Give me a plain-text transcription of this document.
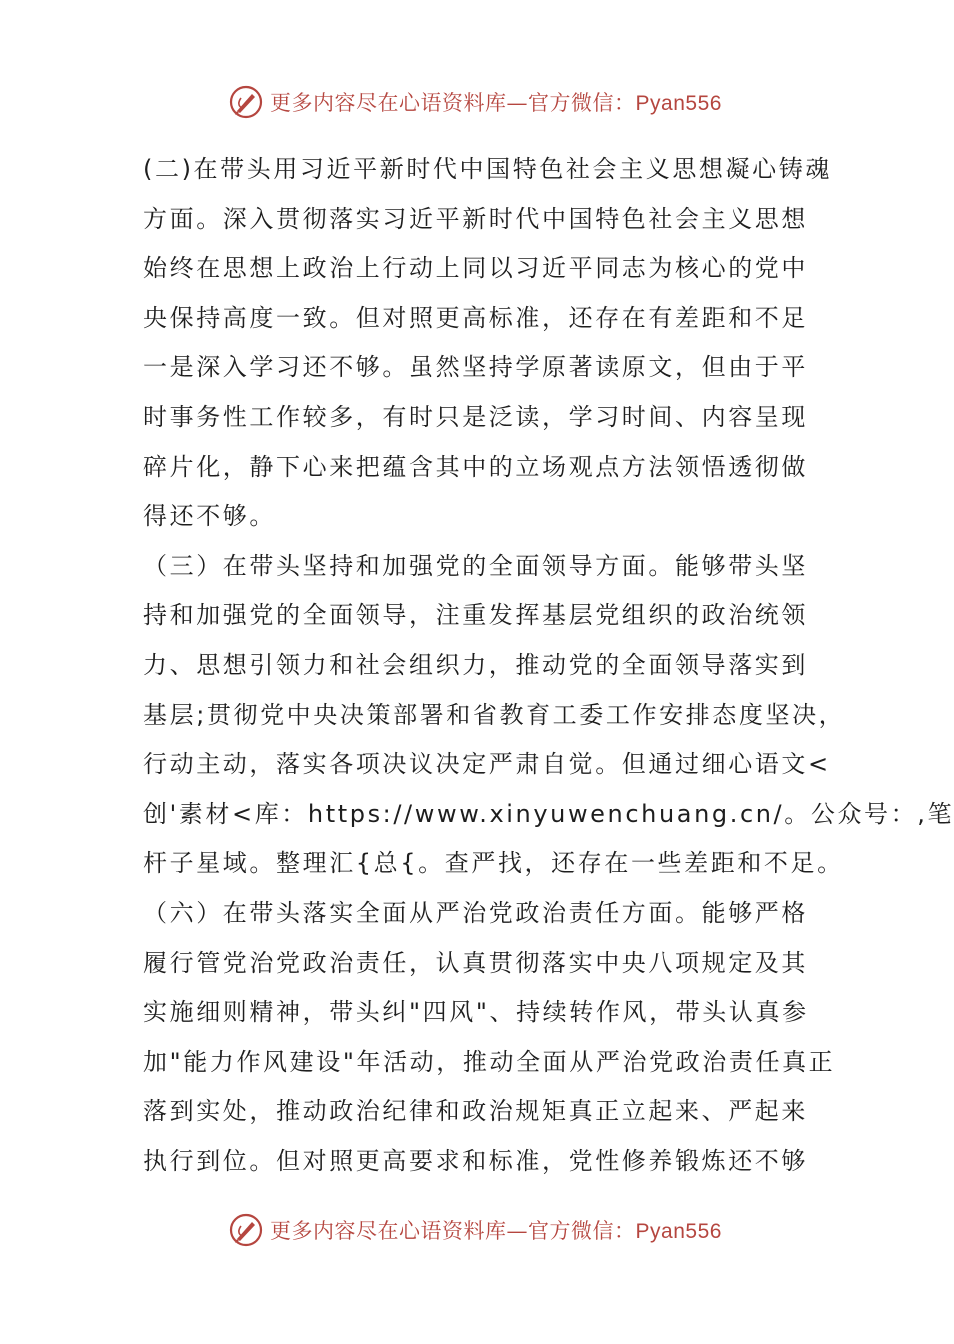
更多内容尽在心语资料库—官方微信：Pyan556
(二)在带头用习近平新时代中国特色社会主义思想凝心铸魂
方面。深入贯彻落实习近平新时代中国特色社会主义思想
始终在思想上政治上行动上同以习近平同志为核心的党中
央保持高度一致。但对照更高标准，还存在有差距和不足
一是深入学习还不够。虽然坚持学原著读原文，但由于平
时事务性工作较多，有时只是泛读，学习时间、内容呈现
碎片化，静下心来把蕴含其中的立场观点方法领悟透彻做
得还不够。
（三）在带头坚持和加强党的全面领导方面。能够带头坚
持和加强党的全面领导，注重发挥基层党组织的政治统领
力、思想引领力和社会组织力，推动党的全面领导落实到
基层;贯彻党中央决策部署和省教育工委工作安排态度坚决，
行动主动，落实各项决议决定严肃自觉。但通过细心语文<
创'素材<库：https://www.xinyuwenchuang.cn/。公众号：,笔
杆子星域。整理汇{总{。查严找，还存在一些差距和不足。
（六）在带头落实全面从严治党政治责任方面。能够严格
履行管党治党政治责任，认真贯彻落实中央八项规定及其
实施细则精神，带头纠"四风"、持续转作风，带头认真参
加"能力作风建设"年活动，推动全面从严治党政治责任真正
落到实处，推动政治纪律和政治规矩真正立起来、严起来
执行到位。但对照更高要求和标准，党性修养锻炼还不够
更多内容尽在心语资料库—官方微信：Pyan556
